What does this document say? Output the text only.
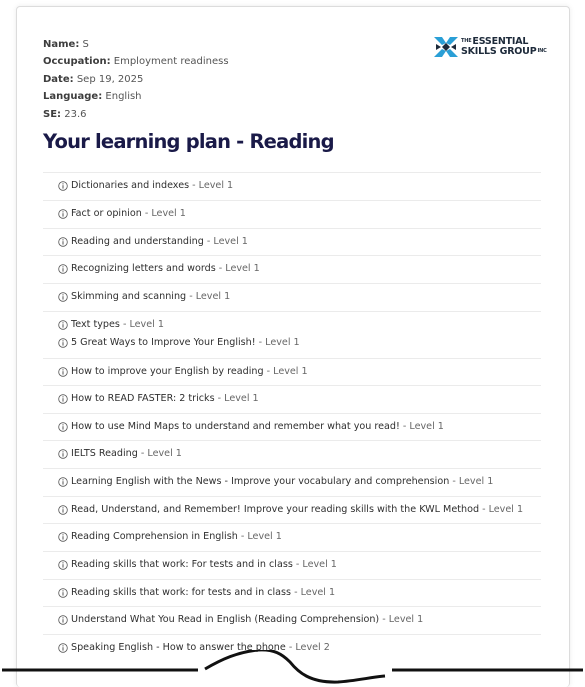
Name: S
Occupation: Employment readiness
Date: Sep 19, 2025
Language: English
SE: 23.6
$^{THE}$ESSENTIAL
SKILLS $GROUP^{INC}$
Your learning plan - Reading
Dictionaries and indexes - Level 1
Fact or opinion - Level 1
Reading and understanding - Level 1
Recognizing letters and words - Level 1
Skimming and scanning - Level 1
Text types - Level 1
5 Great Ways to Improve Your English! - Level 1
How to improve your English by reading - Level 1
How to READ FASTER: 2 tricks - Level 1
How to use Mind Maps to understand and remember what you read! - Level 1
IELTS Reading - Level 1
Learning English with the News - Improve your vocabulary and comprehension - Level 1
Read, Understand, and Remember! Improve your reading skills with the KWL Method - Level 1
Reading Comprehension in English - Level 1
Reading skills that work: For tests and in class - Level 1
Reading skills that work: for tests and in class - Level 1
Understand What You Read in English (Reading Comprehension) - Level 1
Speaking English - How to answer the phone - Level 2
